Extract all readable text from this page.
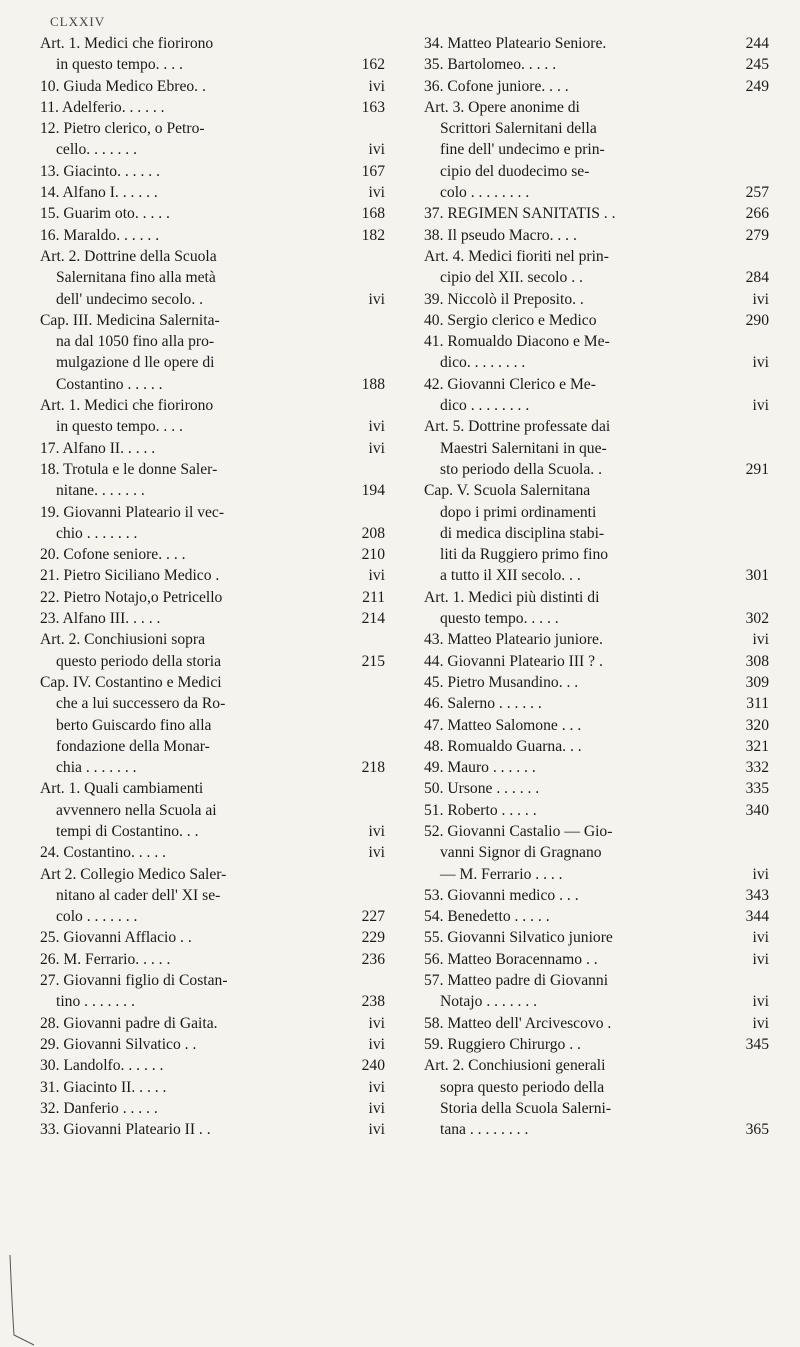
CLXXIV
Art. 1. Medici che fiorirono
in questo tempo. . . .	162
10. Giuda Medico Ebreo. .	ivi
11. Adelferio. . . . . .	163
12. Pietro clerico, o Petro-
cello. . . . . . .	ivi
13. Giacinto. . . . . .	167
14. Alfano I. . . . . .	ivi
15. Guarim oto. . . . .	168
16. Maraldo. . . . . .	182
Art. 2. Dottrine della Scuola
Salernitana fino alla metà
dell' undecimo secolo. .	ivi
Cap. III. Medicina Salernita-
na dal 1050 fino alla pro-
mulgazione d lle opere di
Costantino . . . . .	188
Art. 1. Medici che fiorirono
in questo tempo. . . .	ivi
17. Alfano II. . . . .	ivi
18. Trotula e le donne Saler-
nitane. . . . . . .	194
19. Giovanni Plateario il vec-
chio . . . . . . .	208
20. Cofone seniore. . . .	210
21. Pietro Siciliano Medico .	ivi
22. Pietro Notajo,o Petricello	211
23. Alfano III. . . . .	214
Art. 2. Conchiusioni sopra
questo periodo della storia	215
Cap. IV. Costantino e Medici
che a lui successero da Ro-
berto Guiscardo fino alla
fondazione della Monar-
chia . . . . . . .	218
Art. 1. Quali cambiamenti
avvennero nella Scuola ai
tempi di Costantino. . .	ivi
24. Costantino. . . . .	ivi
Art 2. Collegio Medico Saler-
nitano al cader dell' XI se-
colo . . . . . . .	227
25. Giovanni Afflacio . .	229
26. M. Ferrario. . . . .	236
27. Giovanni figlio di Costan-
tino . . . . . . .	238
28. Giovanni padre di Gaita.	ivi
29. Giovanni Silvatico . .	ivi
30. Landolfo. . . . . .	240
31. Giacinto II. . . . .	ivi
32. Danferio . . . . .	ivi
33. Giovanni Plateario II . .	ivi
34. Matteo Plateario Seniore.	244
35. Bartolomeo. . . . .	245
36. Cofone juniore. . . .	249
Art. 3. Opere anonime di
Scrittori Salernitani della
fine dell' undecimo e prin-
cipio del duodecimo se-
colo . . . . . . . .	257
37. REGIMEN SANITATIS . .	266
38. Il pseudo Macro. . . .	279
Art. 4. Medici fioriti nel prin-
cipio del XII. secolo . .	284
39. Niccolò il Preposito. .	ivi
40. Sergio clerico e Medico	290
41. Romualdo Diacono e Me-
dico. . . . . . . .	ivi
42. Giovanni Clerico e Me-
dico . . . . . . . .	ivi
Art. 5. Dottrine professate dai
Maestri Salernitani in que-
sto periodo della Scuola. .	291
Cap. V. Scuola Salernitana
dopo i primi ordinamenti
di medica disciplina stabi-
liti da Ruggiero primo fino
a tutto il XII secolo. . .	301
Art. 1. Medici più distinti di
questo tempo. . . . .	302
43. Matteo Plateario juniore.	ivi
44. Giovanni Plateario III ? .	308
45. Pietro Musandino. . .	309
46. Salerno . . . . . .	311
47. Matteo Salomone . . .	320
48. Romualdo Guarna. . .	321
49. Mauro . . . . . .	332
50. Ursone . . . . . .	335
51. Roberto . . . . .	340
52. Giovanni Castalio — Gio-
vanni Signor di Gragnano
— M. Ferrario . . . .	ivi
53. Giovanni medico . . .	343
54. Benedetto . . . . .	344
55. Giovanni Silvatico juniore	ivi
56. Matteo Boracennamo . .	ivi
57. Matteo padre di Giovanni
Notajo . . . . . . .	ivi
58. Matteo dell' Arcivescovo .	ivi
59. Ruggiero Chirurgo . .	345
Art. 2. Conchiusioni generali
sopra questo periodo della
Storia della Scuola Salerni-
tana . . . . . . . .	365
